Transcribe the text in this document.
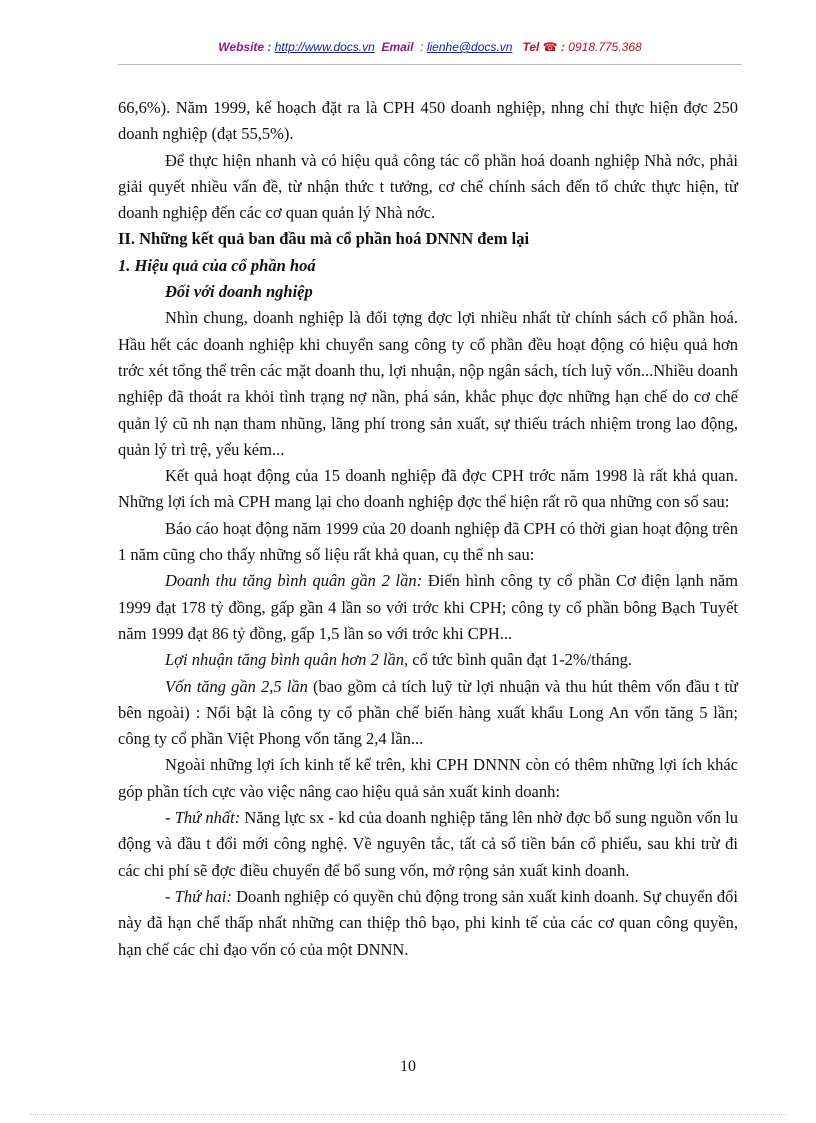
Website : http://www.docs.vn Email : lienhe@docs.vn Tel ☎ : 0918.775.368

66,6%). Năm 1999, kế hoạch đặt ra là CPH 450 doanh nghiệp, nhng chỉ thực hiện đợc 250 doanh nghiệp (đạt 55,5%).

Để thực hiện nhanh và có hiệu quả công tác cổ phần hoá doanh nghiệp Nhà nớc, phải giải quyết nhiều vấn đề, từ nhận thức t tưởng, cơ chế chính sách đến tổ chức thực hiện, từ doanh nghiệp đến các cơ quan quản lý Nhà nớc.

II. Những kết quả ban đầu mà cổ phần hoá DNNN đem lại

1. Hiệu quả của cổ phần hoá

Đối với doanh nghiệp

Nhìn chung, doanh nghiệp là đối tợng đợc lợi nhiều nhất từ chính sách cổ phần hoá. Hầu hết các doanh nghiệp khi chuyển sang công ty cổ phần đều hoạt động có hiệu quả hơn trớc xét tổng thể trên các mặt doanh thu, lợi nhuận, nộp ngân sách, tích luỹ vốn...Nhiều doanh nghiệp đã thoát ra khỏi tình trạng nợ nần, phá sản, khắc phục đợc những hạn chế do cơ chế quản lý cũ nh nạn tham nhũng, lãng phí trong sản xuất, sự thiếu trách nhiệm trong lao động, quản lý trì trệ, yếu kém...

Kết quả hoạt động của 15 doanh nghiệp đã đợc CPH trớc năm 1998 là rất khả quan. Những lợi ích mà CPH mang lại cho doanh nghiệp đợc thể hiện rất rõ qua những con số sau:

Báo cáo hoạt động năm 1999 của 20 doanh nghiệp đã CPH có thời gian hoạt động trên 1 năm cũng cho thấy những số liệu rất khả quan, cụ thể nh sau:

Doanh thu tăng bình quân gần 2 lần: Điển hình công ty cổ phần Cơ điện lạnh năm 1999 đạt 178 tỷ đồng, gấp gần 4 lần so với trớc khi CPH; công ty cổ phần bông Bạch Tuyết năm 1999 đạt 86 tỷ đồng, gấp 1,5 lần so với trớc khi CPH...

Lợi nhuận tăng bình quân hơn 2 lần, cổ tức bình quân đạt 1-2%/tháng.

Vốn tăng gần 2,5 lần (bao gồm cả tích luỹ từ lợi nhuận và thu hút thêm vốn đầu t từ bên ngoài) : Nổi bật là công ty cổ phần chế biến hàng xuất khẩu Long An vốn tăng 5 lần; công ty cổ phần Việt Phong vốn tăng 2,4 lần...

Ngoài những lợi ích kinh tế kể trên, khi CPH DNNN còn có thêm những lợi ích khác góp phần tích cực vào việc nâng cao hiệu quả sản xuất kinh doanh:

- Thứ nhất: Năng lực sx - kd của doanh nghiệp tăng lên nhờ đợc bổ sung nguồn vốn lu động và đầu t đổi mới công nghệ. Về nguyên tắc, tất cả số tiền bán cổ phiếu, sau khi trừ đi các chi phí sẽ đợc điều chuyển để bổ sung vốn, mở rộng sản xuất kinh doanh.

- Thứ hai: Doanh nghiệp có quyền chủ động trong sản xuất kinh doanh. Sự chuyển đổi này đã hạn chế thấp nhất những can thiệp thô bạo, phi kinh tế của các cơ quan công quyền, hạn chế các chỉ đạo vốn có của một DNNN.

10
